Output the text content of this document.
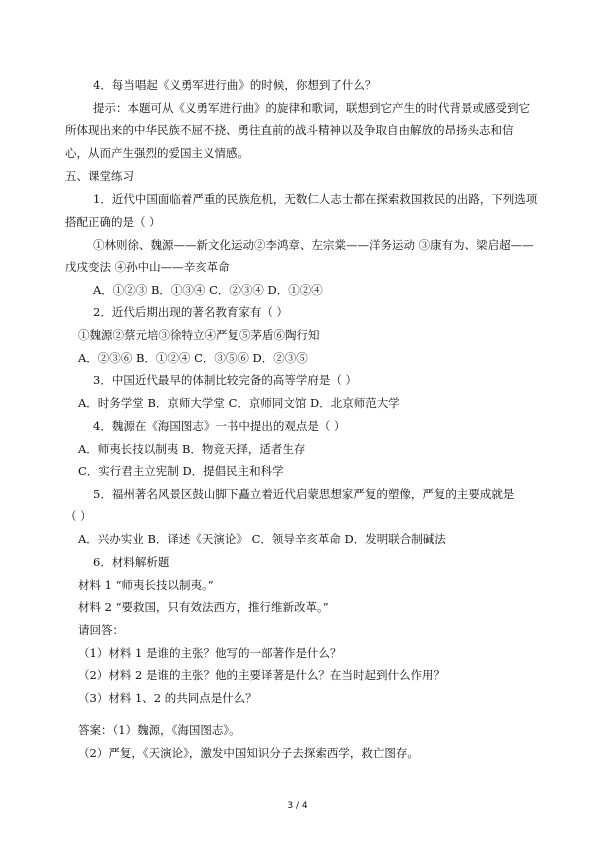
4．每当唱起《义勇军进行曲》的时候，你想到了什么？
提示：本题可从《义勇军进行曲》的旋律和歌词，联想到它产生的时代背景或感受到它
所体现出来的中华民族不屈不挠、勇往直前的战斗精神以及争取自由解放的昂扬头志和信
心，从而产生强烈的爱国主义情感。
五、课堂练习
1．近代中国面临着严重的民族危机，无数仁人志士都在探索救国救民的出路，下列选项
搭配正确的是（ ）
①林则徐、魏源——新文化运动②李鸿章、左宗棠——洋务运动 ③康有为、梁启超——
戊戌变法 ④孙中山——辛亥革命
A．①②③ B．①③④ C．②③④ D．①②④
2．近代后期出现的著名教育家有（ ）
①魏源②蔡元培③徐特立④严复⑤茅盾⑥陶行知
A．②③⑥ B．①②④ C．③⑤⑥ D．②③⑤
3．中国近代最早的体制比较完备的高等学府是（ ）
A．时务学堂 B．京师大学堂 C．京师同文馆 D．北京师范大学
4．魏源在《海国图志》一书中提出的观点是（ ）
A．师夷长技以制夷 B．物竞天择，适者生存
C．实行君主立宪制 D．提倡民主和科学
5．福州著名风景区鼓山脚下矗立着近代启蒙思想家严复的塑像，严复的主要成就是
（ ）
A．兴办实业 B．译述《天演论》 C．领导辛亥革命 D．发明联合制碱法
6．材料解析题
材料 1 “师夷长技以制夷。”
材料 2 “要救国，只有效法西方，推行维新改革。”
请回答：
（1）材料 1 是谁的主张？他写的一部著作是什么？
（2）材料 2 是谁的主张？他的主要译著是什么？在当时起到什么作用？
（3）材料 1、2 的共同点是什么？
答案：（1）魏源，《海国图志》。
（2）严复，《天演论》，激发中国知识分子去探索西学，救亡图存。
3 / 4
